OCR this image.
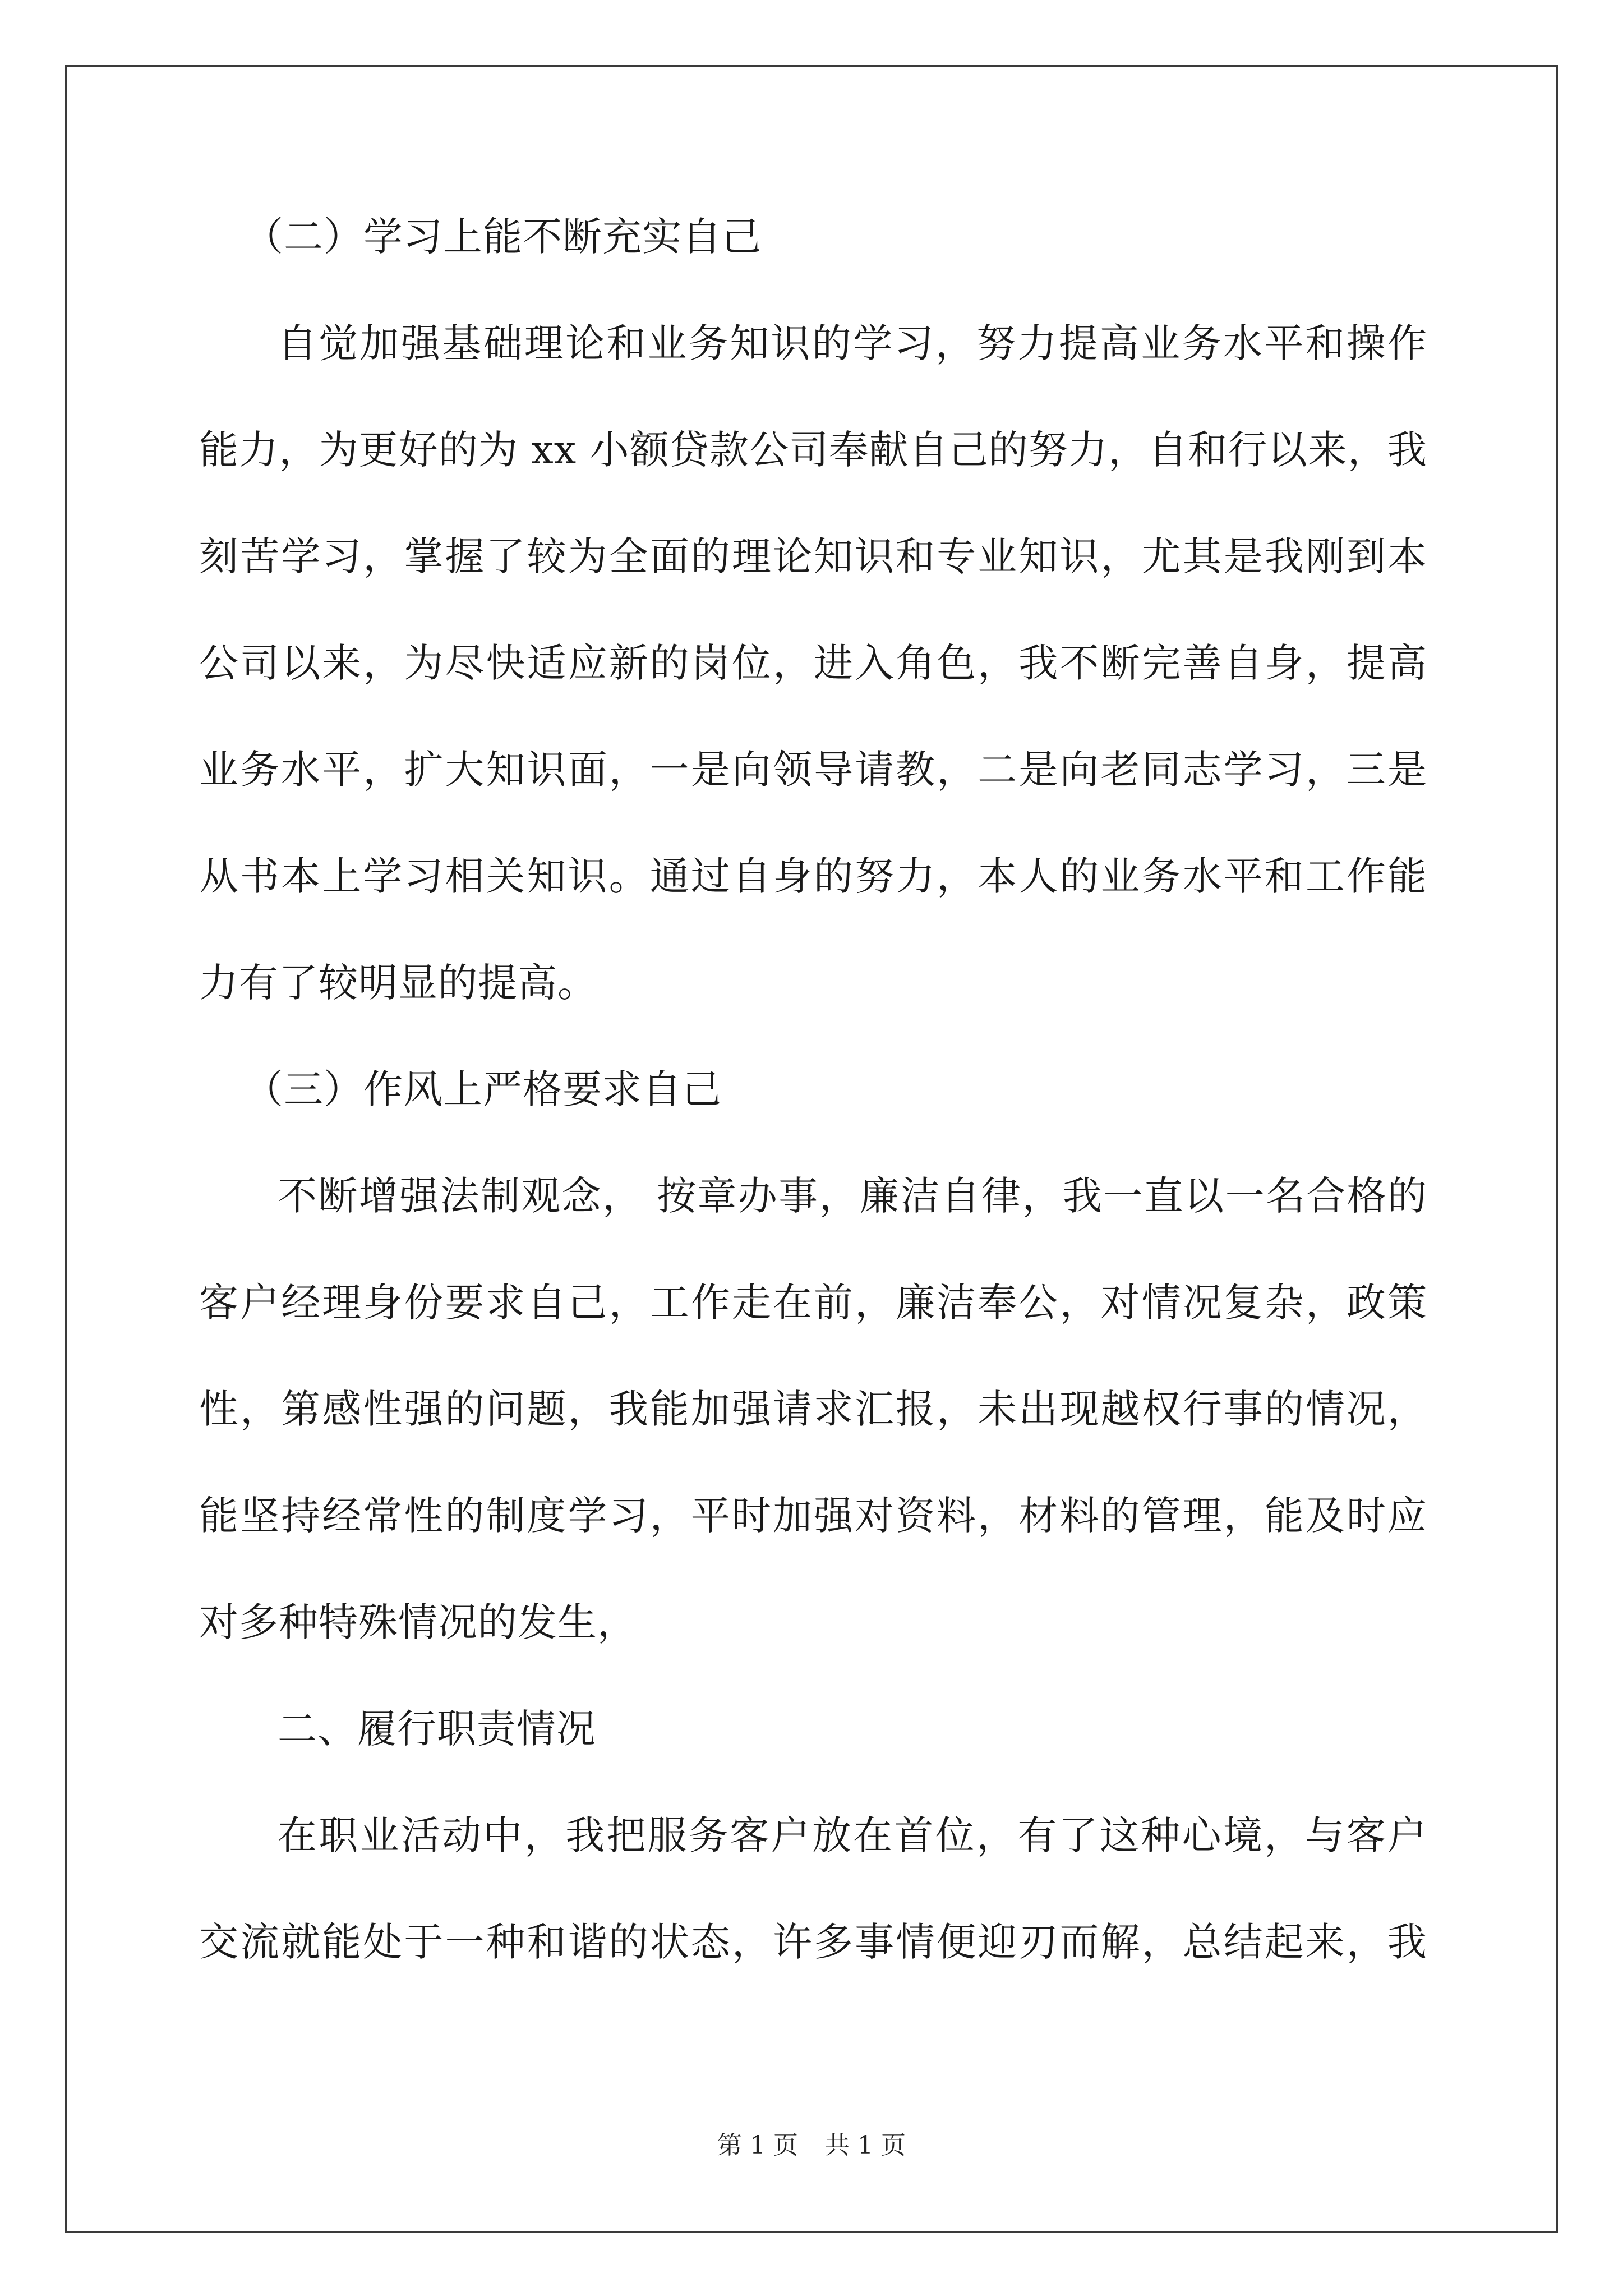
（二）学习上能不断充实自己
自觉加强基础理论和业务知识的学习，努力提高业务水平和操作
能力，为更好的为 xx 小额贷款公司奉献自己的努力，自和行以来，我
刻苦学习，掌握了较为全面的理论知识和专业知识，尤其是我刚到本
公司以来，为尽快适应新的岗位，进入角色，我不断完善自身，提高
业务水平，扩大知识面，一是向领导请教，二是向老同志学习，三是
从书本上学习相关知识。通过自身的努力，本人的业务水平和工作能
力有了较明显的提高。
（三）作风上严格要求自己
不断增强法制观念， 按章办事，廉洁自律，我一直以一名合格的
客户经理身份要求自己，工作走在前，廉洁奉公，对情况复杂，政策
性，第感性强的问题，我能加强请求汇报，未出现越权行事的情况，
能坚持经常性的制度学习，平时加强对资料，材料的管理，能及时应
对多种特殊情况的发生，
二、履行职责情况
在职业活动中，我把服务客户放在首位，有了这种心境，与客户
交流就能处于一种和谐的状态，许多事情便迎刃而解，总结起来，我
第 1 页 共 1 页
